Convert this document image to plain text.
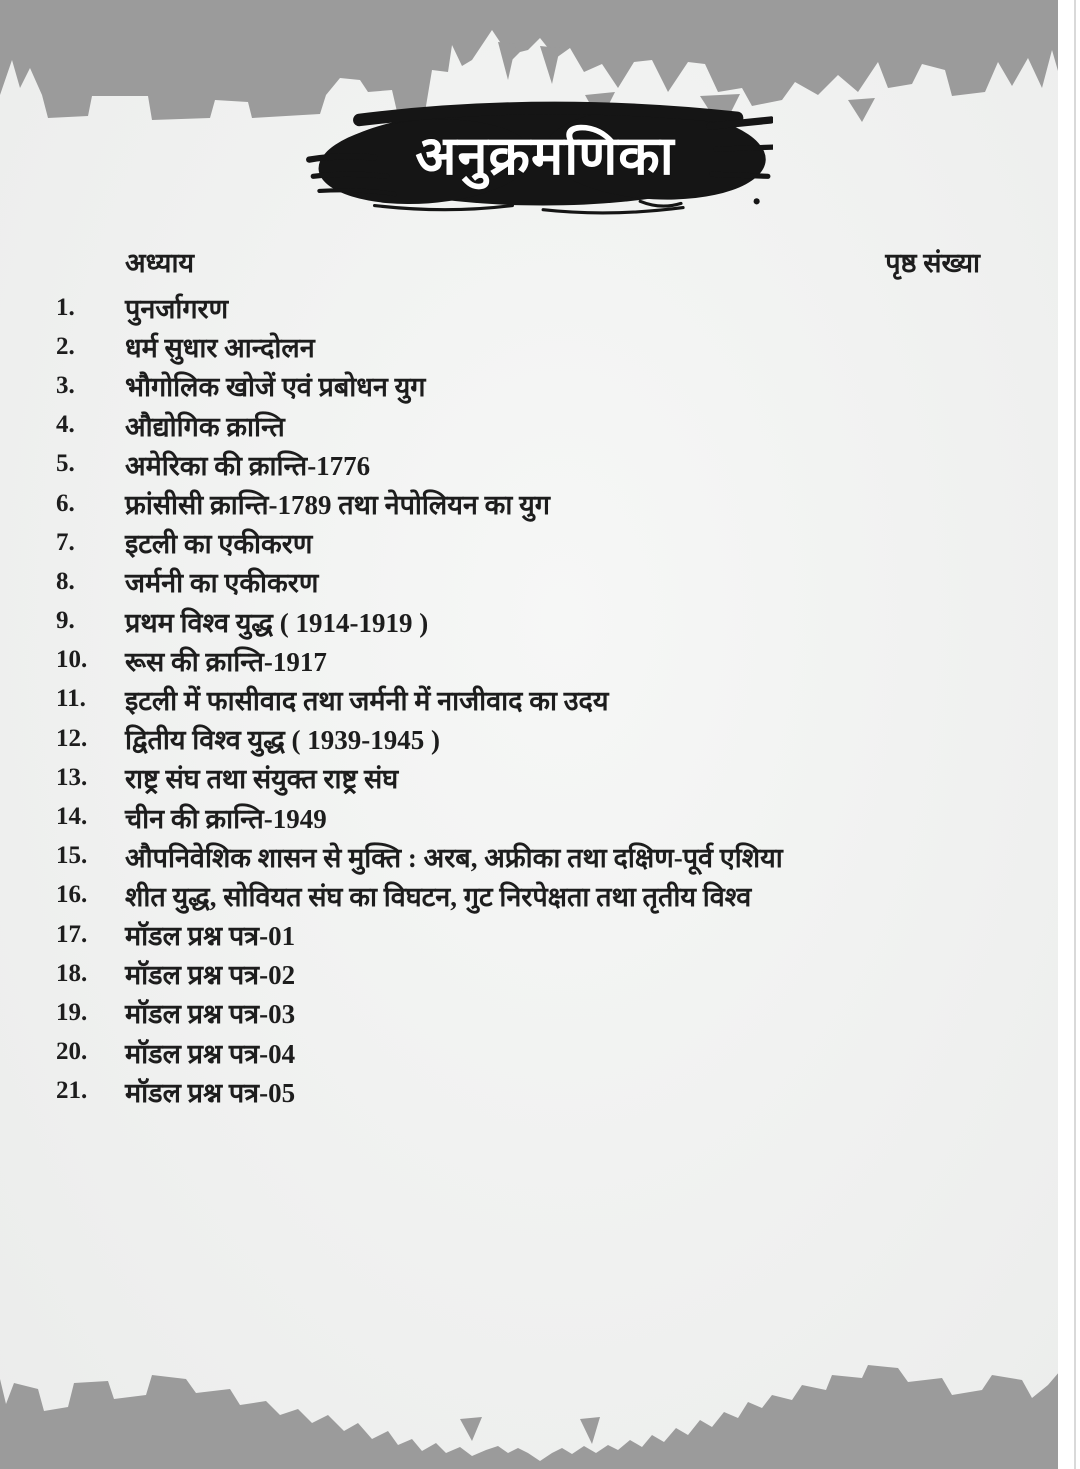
अनुक्रमणिका
अध्याय	पृष्ठ संख्या
1.	पुनर्जागरण
2.	धर्म सुधार आन्दोलन
3.	भौगोलिक खोजें एवं प्रबोधन युग
4.	औद्योगिक क्रान्ति
5.	अमेरिका की क्रान्ति-1776
6.	फ्रांसीसी क्रान्ति-1789 तथा नेपोलियन का युग
7.	इटली का एकीकरण
8.	जर्मनी का एकीकरण
9.	प्रथम विश्व युद्ध ( 1914-1919 )
10.	रूस की क्रान्ति-1917
11.	इटली में फासीवाद तथा जर्मनी में नाजीवाद का उदय
12.	द्वितीय विश्व युद्ध ( 1939-1945 )
13.	राष्ट्र संघ तथा संयुक्त राष्ट्र संघ
14.	चीन की क्रान्ति-1949
15.	औपनिवेशिक शासन से मुक्ति : अरब, अफ्रीका तथा दक्षिण-पूर्व एशिया
16.	शीत युद्ध, सोवियत संघ का विघटन, गुट निरपेक्षता तथा तृतीय विश्व
17.	मॉडल प्रश्न पत्र-01
18.	मॉडल प्रश्न पत्र-02
19.	मॉडल प्रश्न पत्र-03
20.	मॉडल प्रश्न पत्र-04
21.	मॉडल प्रश्न पत्र-05
